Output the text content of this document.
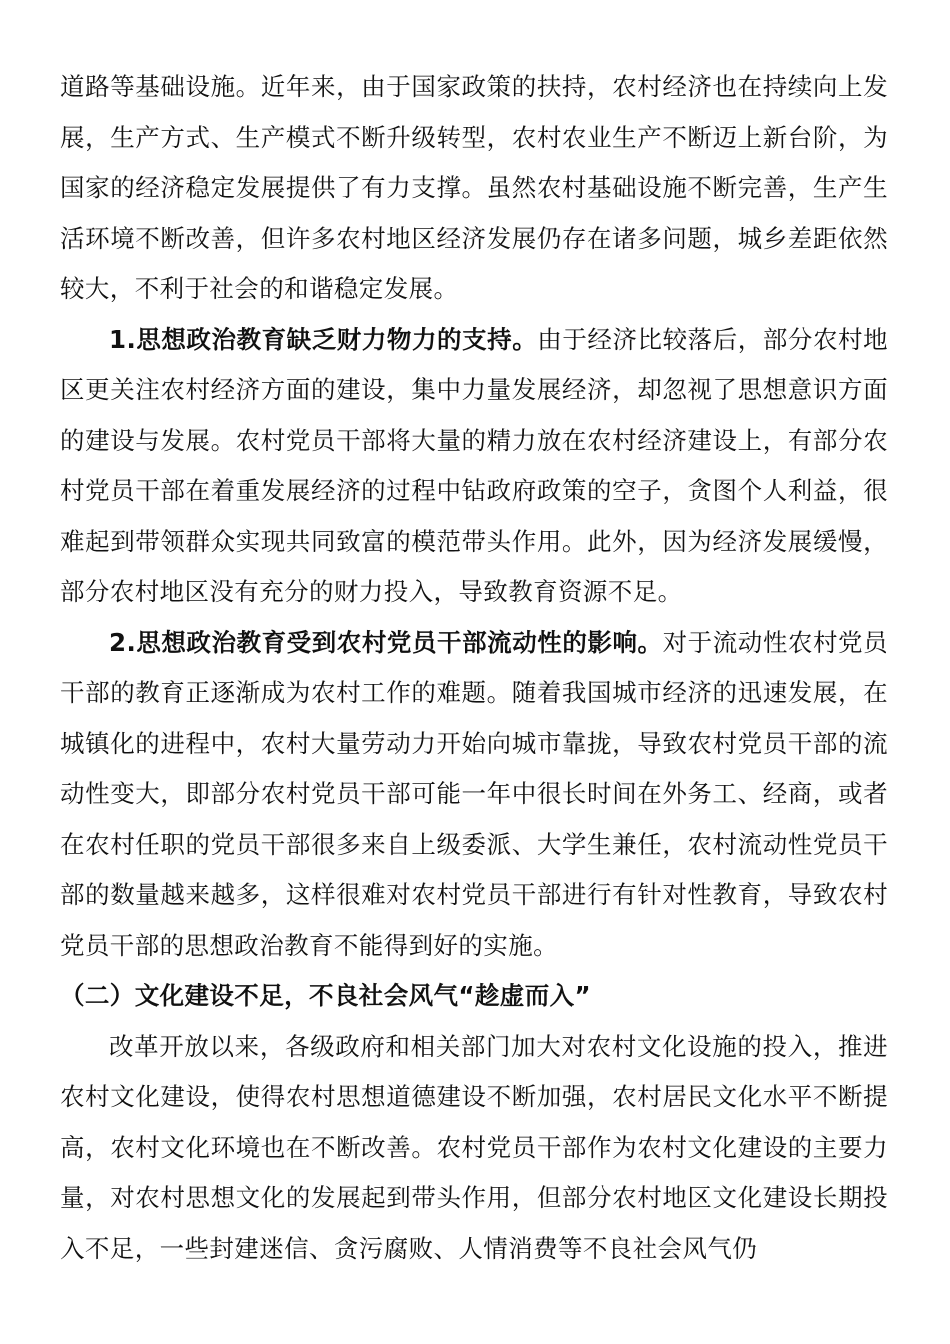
道路等基础设施。近年来，由于国家政策的扶持，农村经济也在持续向上发展，生产方式、生产模式不断升级转型，农村农业生产不断迈上新台阶，为国家的经济稳定发展提供了有力支撑。虽然农村基础设施不断完善，生产生活环境不断改善，但许多农村地区经济发展仍存在诸多问题，城乡差距依然较大，不利于社会的和谐稳定发展。

1.思想政治教育缺乏财力物力的支持。由于经济比较落后，部分农村地区更关注农村经济方面的建设，集中力量发展经济，却忽视了思想意识方面的建设与发展。农村党员干部将大量的精力放在农村经济建设上，有部分农村党员干部在着重发展经济的过程中钻政府政策的空子，贪图个人利益，很难起到带领群众实现共同致富的模范带头作用。此外，因为经济发展缓慢，部分农村地区没有充分的财力投入，导致教育资源不足。

2.思想政治教育受到农村党员干部流动性的影响。对于流动性农村党员干部的教育正逐渐成为农村工作的难题。随着我国城市经济的迅速发展，在城镇化的进程中，农村大量劳动力开始向城市靠拢，导致农村党员干部的流动性变大，即部分农村党员干部可能一年中很长时间在外务工、经商，或者在农村任职的党员干部很多来自上级委派、大学生兼任，农村流动性党员干部的数量越来越多，这样很难对农村党员干部进行有针对性教育，导致农村党员干部的思想政治教育不能得到好的实施。

（二）文化建设不足，不良社会风气“趁虚而入”

改革开放以来，各级政府和相关部门加大对农村文化设施的投入，推进农村文化建设，使得农村思想道德建设不断加强，农村居民文化水平不断提高，农村文化环境也在不断改善。农村党员干部作为农村文化建设的主要力量，对农村思想文化的发展起到带头作用，但部分农村地区文化建设长期投入不足，一些封建迷信、贪污腐败、人情消费等不良社会风气仍
